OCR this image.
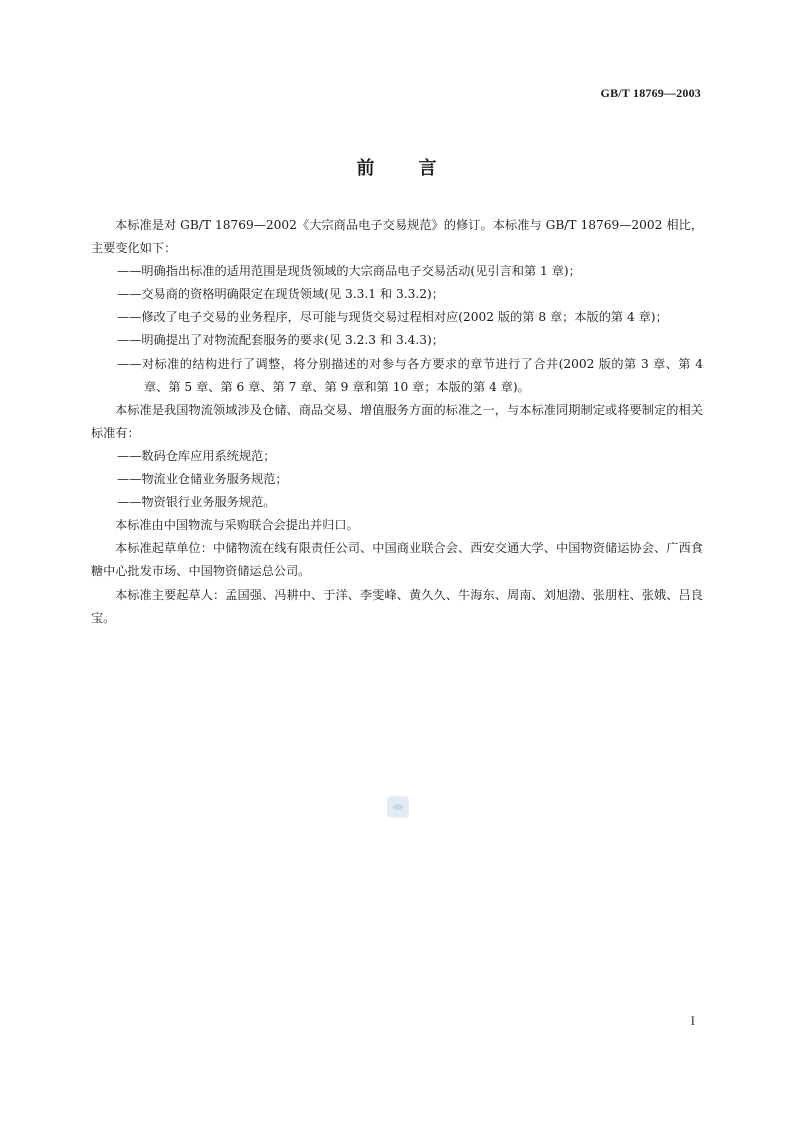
GB/T 18769—2003
前 言

本标准是对 GB/T 18769—2002《大宗商品电子交易规范》的修订。本标准与 GB/T 18769—2002 相比，主要变化如下：

——明确指出标准的适用范围是现货领域的大宗商品电子交易活动(见引言和第 1 章)；

——交易商的资格明确限定在现货领域(见 3.3.1 和 3.3.2)；

——修改了电子交易的业务程序，尽可能与现货交易过程相对应(2002 版的第 8 章；本版的第 4 章)；

——明确提出了对物流配套服务的要求(见 3.2.3 和 3.4.3)；

——对标准的结构进行了调整，将分别描述的对参与各方要求的章节进行了合并(2002 版的第 3 章、第 4 章、第 5 章、第 6 章、第 7 章、第 9 章和第 10 章；本版的第 4 章)。

本标准是我国物流领域涉及仓储、商品交易、增值服务方面的标准之一，与本标准同期制定或将要制定的相关标准有：

——数码仓库应用系统规范；

——物流业仓储业务服务规范；

——物资银行业务服务规范。

本标准由中国物流与采购联合会提出并归口。

本标准起草单位：中储物流在线有限责任公司、中国商业联合会、西安交通大学、中国物资储运协会、广西食糖中心批发市场、中国物资储运总公司。

本标准主要起草人：孟国强、冯耕中、于洋、李雯峰、黄久久、牛海东、周南、刘旭渤、张朋柱、张娥、吕良宝。

I
